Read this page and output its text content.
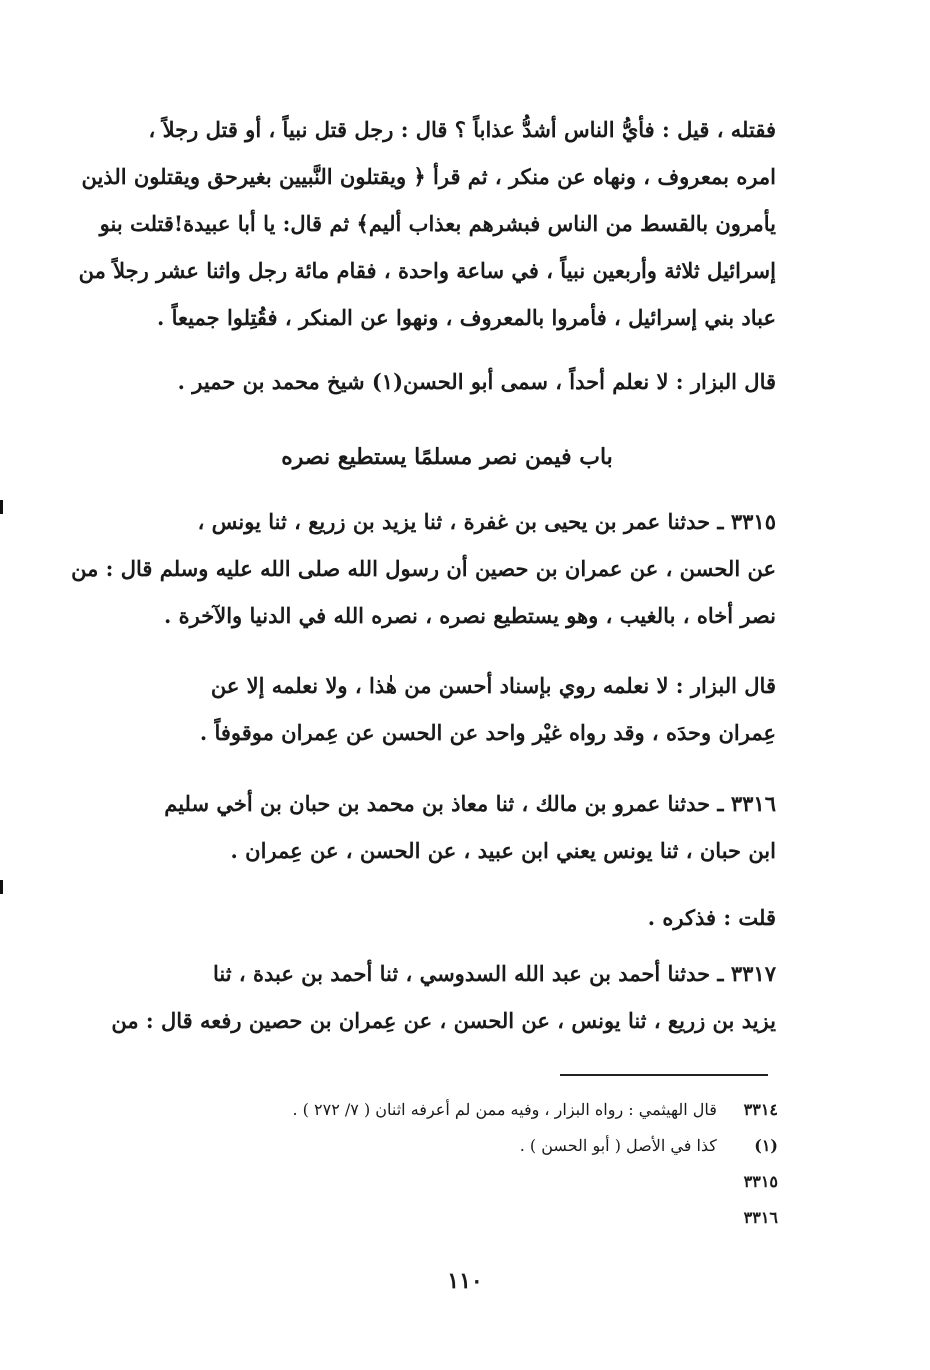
فقتله ، قيل : فأيُّ الناس أشدُّ عذاباً ؟ قال : رجل قتل نبياً ، أو قتل رجلاً ،
امره بمعروف ، ونهاه عن منكر ، ثم قرأ ﴿ ويقتلون النَّبيين بغيرحق ويقتلون الذين
يأمرون بالقسط من الناس فبشرهم بعذاب أليم﴾ ثم قال: يا أبا عبيدة!قتلت بنو
إسرائيل ثلاثة وأربعين نبياً ، في ساعة واحدة ، فقام مائة رجل واثنا عشر رجلاً من
عباد بني إسرائيل ، فأمروا بالمعروف ، ونهوا عن المنكر ، فقُتِلوا جميعاً .
قال البزار : لا نعلم أحداً ، سمى أبو الحسن(١) شيخ محمد بن حمير .
باب فيمن نصر مسلمًا يستطيع نصره
٣٣١٥ ـ حدثنا عمر بن يحيى بن غفرة ، ثنا يزيد بن زريع ، ثنا يونس ،
عن الحسن ، عن عمران بن حصين أن رسول الله صلى الله عليه وسلم قال : من
نصر أخاه ، بالغيب ، وهو يستطيع نصره ، نصره الله في الدنيا والآخرة .
قال البزار : لا نعلمه روي بإسناد أحسن من هٰذا ، ولا نعلمه إلا عن
عِمران وحدَه ، وقد رواه غيْر واحد عن الحسن عن عِمران موقوفاً .
٣٣١٦ ـ حدثنا عمرو بن مالك ، ثنا معاذ بن محمد بن حبان بن أخي سليم
ابن حبان ، ثنا يونس يعني ابن عبيد ، عن الحسن ، عن عِمران .
قلت : فذكره .
٣٣١٧ ـ حدثنا أحمد بن عبد الله السدوسي ، ثنا أحمد بن عبدة ، ثنا
يزيد بن زريع ، ثنا يونس ، عن الحسن ، عن عِمران بن حصين رفعه قال : من
٣٣١٤ قال الهيثمي : رواه البزار ، وفيه ممن لم أعرفه اثنان ( ٧/ ٢٧٢ ) .
(١) كذا في الأصل ( أبو الحسن ) .
٣٣١٥
٣٣١٦
١١٠
